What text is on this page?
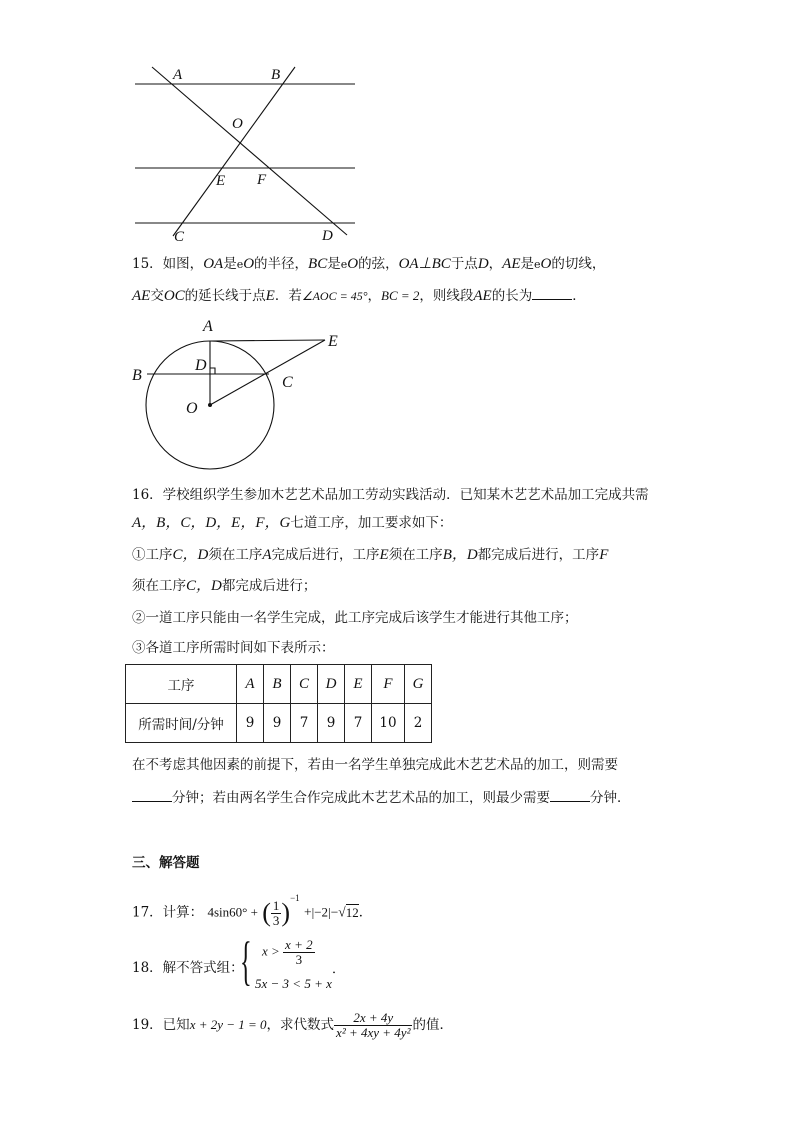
A	B
O
E F
C	D
15．如图，OA是eO的半径，BC是eO的弦，OA⊥BC于点D，AE是eO的切线，
AE交OC的延长线于点E．若∠AOC = 45°，BC = 2，则线段AE的长为	．
A
E
D
B	C
O
16．学校组织学生参加木艺艺术品加工劳动实践活动．已知某木艺艺术品加工完成共需
A，B，C，D，E，F，G七道工序，加工要求如下：
①工序C，D须在工序A完成后进行，工序E须在工序B，D都完成后进行，工序F
须在工序C，D都完成后进行；
②一道工序只能由一名学生完成，此工序完成后该学生才能进行其他工序；
③各道工序所需时间如下表所示：
工序	A	B	C	D	E	F	G
所需时间/分钟	9	9	7	9	7	10	2
在不考虑其他因素的前提下，若由一名学生单独完成此木艺艺术品的加工，则需要
分钟；若由两名学生合作完成此木艺艺术品的加工，则最少需要	分钟．
三、解答题
17．计算： 4sin60° + ( $\frac{1}{3} )^{-1} +|-2|-√12$．
18．解不答式组：
{ $x > \frac{x + 2}{3}$
5x − 3 < 5 + x
．
19．已知x + 2y − 1 = 0，求代数式 $\frac{2x + 4y}{\text{x² + 4xy + 4y²}}$ 的值．
